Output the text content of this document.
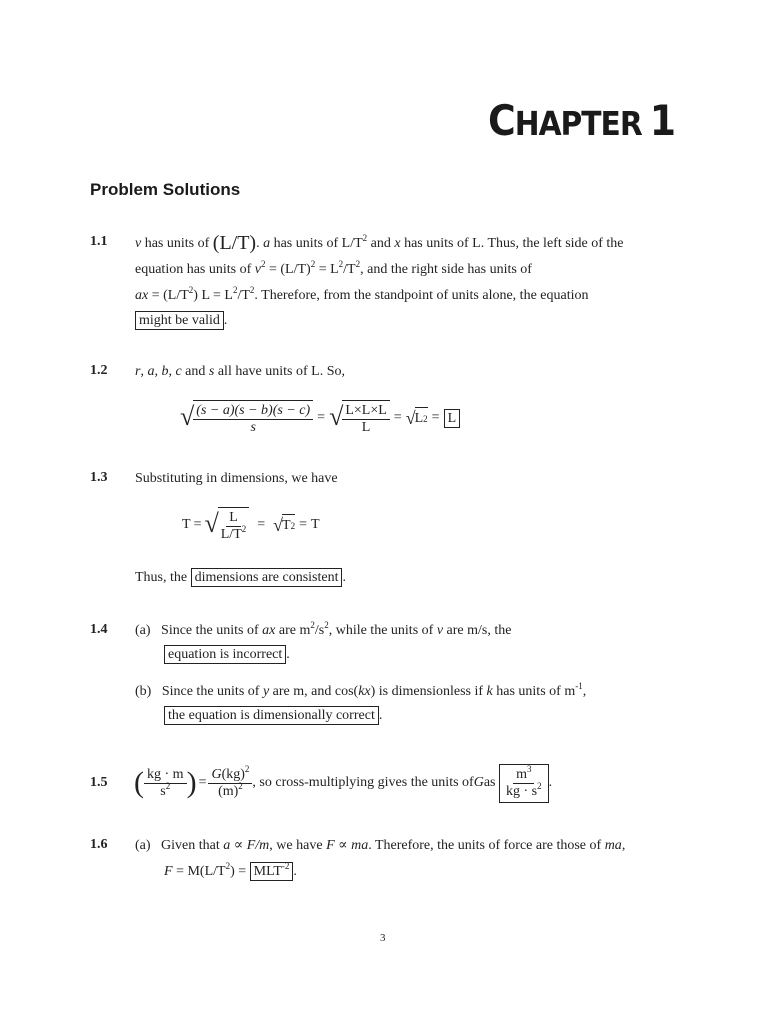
CHAPTER 1
Problem Solutions
1.1 v has units of (L/T). a has units of $L/T^2$ and x has units of L. Thus, the left side of the
equation has units of $v^2 = (L/T)^2 = L^2/T^2$, and the right side has units of
ax = $(L/T^2) L = L^2/T^2$. Therefore, from the standpoint of units alone, the equation
might be valid .
1.2 r, a, b, c and s all have units of L. So,
√ $\frac{(s - a)(s - b)(s - c)}{s}$ = √ $\frac{L\times L\times L}{L}$ = √ L 2 = L
1.3 Substituting in dimensions, we have
T = √ $\frac{L}{L/T^2}$ = √ T 2 = T
Thus, the dimensions are consistent .
1.4 (a) Since the units of ax are $m^2/s^2$, while the units of v are m/s, the
equation is incorrect .
(b) Since the units of y are m, and cos(kx) is dimensionless if k has units of $m^{-1}$,
the equation is dimensionally correct .
1.5 ( $\frac{kg \cdot m}{s^2}$ ) = $\frac{G(kg)^2}{(m)^2}$ , so cross-multiplying gives the units of G as
$\frac{m^3}{kg \cdot s^2}$ .
1.6 (a) Given that a ∝ F/m, we have F ∝ ma. Therefore, the units of force are those of ma,
$F = M(L/T^2) = MLT^{-2}$ .
3
